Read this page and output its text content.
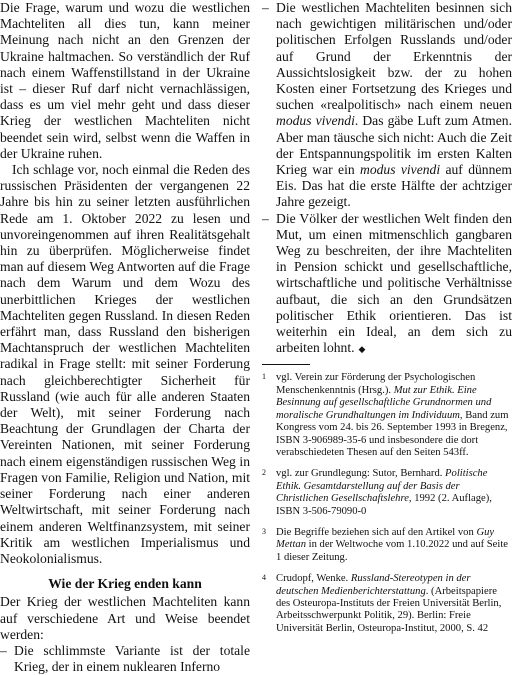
Die Frage, warum und wozu die westlichen Machteliten all dies tun, kann meiner Meinung nach nicht an den Grenzen der Ukraine haltmachen. So verständlich der Ruf nach einem Waffenstillstand in der Ukraine ist – dieser Ruf darf nicht vernachlässigen, dass es um viel mehr geht und dass dieser Krieg der westlichen Machteliten nicht beendet sein wird, selbst wenn die Waffen in der Ukraine ruhen.

Ich schlage vor, noch einmal die Reden des russischen Präsidenten der vergangenen 22 Jahre bis hin zu seiner letzten ausführlichen Rede am 1. Oktober 2022 zu lesen und unvoreingenommen auf ihren Realitätsgehalt hin zu überprüfen. Möglicherweise findet man auf diesem Weg Antworten auf die Frage nach dem Warum und dem Wozu des unerbittlichen Krieges der westlichen Machteliten gegen Russland. In diesen Reden erfährt man, dass Russland den bisherigen Machtanspruch der westlichen Machteliten radikal in Frage stellt: mit seiner Forderung nach gleichberechtigter Sicherheit für Russland (wie auch für alle anderen Staaten der Welt), mit seiner Forderung nach Beachtung der Grundlagen der Charta der Vereinten Nationen, mit seiner Forderung nach einem eigenständigen russischen Weg in Fragen von Familie, Religion und Nation, mit seiner Forderung nach einer anderen Weltwirtschaft, mit seiner Forderung nach einem anderen Weltfinanzsystem, mit seiner Kritik am westlichen Imperialismus und Neokolonialismus.

Wie der Krieg enden kann

Der Krieg der westlichen Machteliten kann auf verschiedene Art und Weise beendet werden:

– Die schlimmste Variante ist der totale Krieg, der in einem nuklearen Inferno

– Die westlichen Machteliten besinnen sich nach gewichtigen militärischen und/oder politischen Erfolgen Russlands und/oder auf Grund der Erkenntnis der Aussichtslosigkeit bzw. der zu hohen Kosten einer Fortsetzung des Krieges und suchen «realpolitisch» nach einem neuen modus vivendi. Das gäbe Luft zum Atmen. Aber man täusche sich nicht: Auch die Zeit der Entspannungspolitik im ersten Kalten Krieg war ein modus vivendi auf dünnem Eis. Das hat die erste Hälfte der achtziger Jahre gezeigt.

– Die Völker der westlichen Welt finden den Mut, um einen mitmenschlich gangbaren Weg zu beschreiten, der ihre Machteliten in Pension schickt und gesellschaftliche, wirtschaftliche und politische Verhältnisse aufbaut, die sich an den Grundsätzen politischer Ethik orientieren. Das ist weiterhin ein Ideal, an dem sich zu arbeiten lohnt. ◆

1 vgl. Verein zur Förderung der Psychologischen Menschenkenntnis (Hrsg.). Mut zur Ethik. Eine Besinnung auf gesellschaftliche Grundnormen und moralische Grundhaltungen im Individuum, Band zum Kongress vom 24. bis 26. September 1993 in Bregenz, ISBN 3-906989-35-6 und insbesondere die dort verabschiedeten Thesen auf den Seiten 543ff.
2 vgl. zur Grundlegung: Sutor, Bernhard. Politische Ethik. Gesamtdarstellung auf der Basis der Christlichen Gesellschaftslehre, 1992 (2. Auflage), ISBN 3-506-79090-0
3 Die Begriffe beziehen sich auf den Artikel von Guy Mettan in der Weltwoche vom 1.10.2022 und auf Seite 1 dieser Zeitung.
4 Crudopf, Wenke. Russland-Stereotypen in der deutschen Medienberichterstattung. (Arbeitspapiere des Osteuropa-Instituts der Freien Universität Berlin, Arbeitsschwerpunkt Politik, 29). Berlin: Freie Universität Berlin, Osteuropa-Institut, 2000, S. 42
